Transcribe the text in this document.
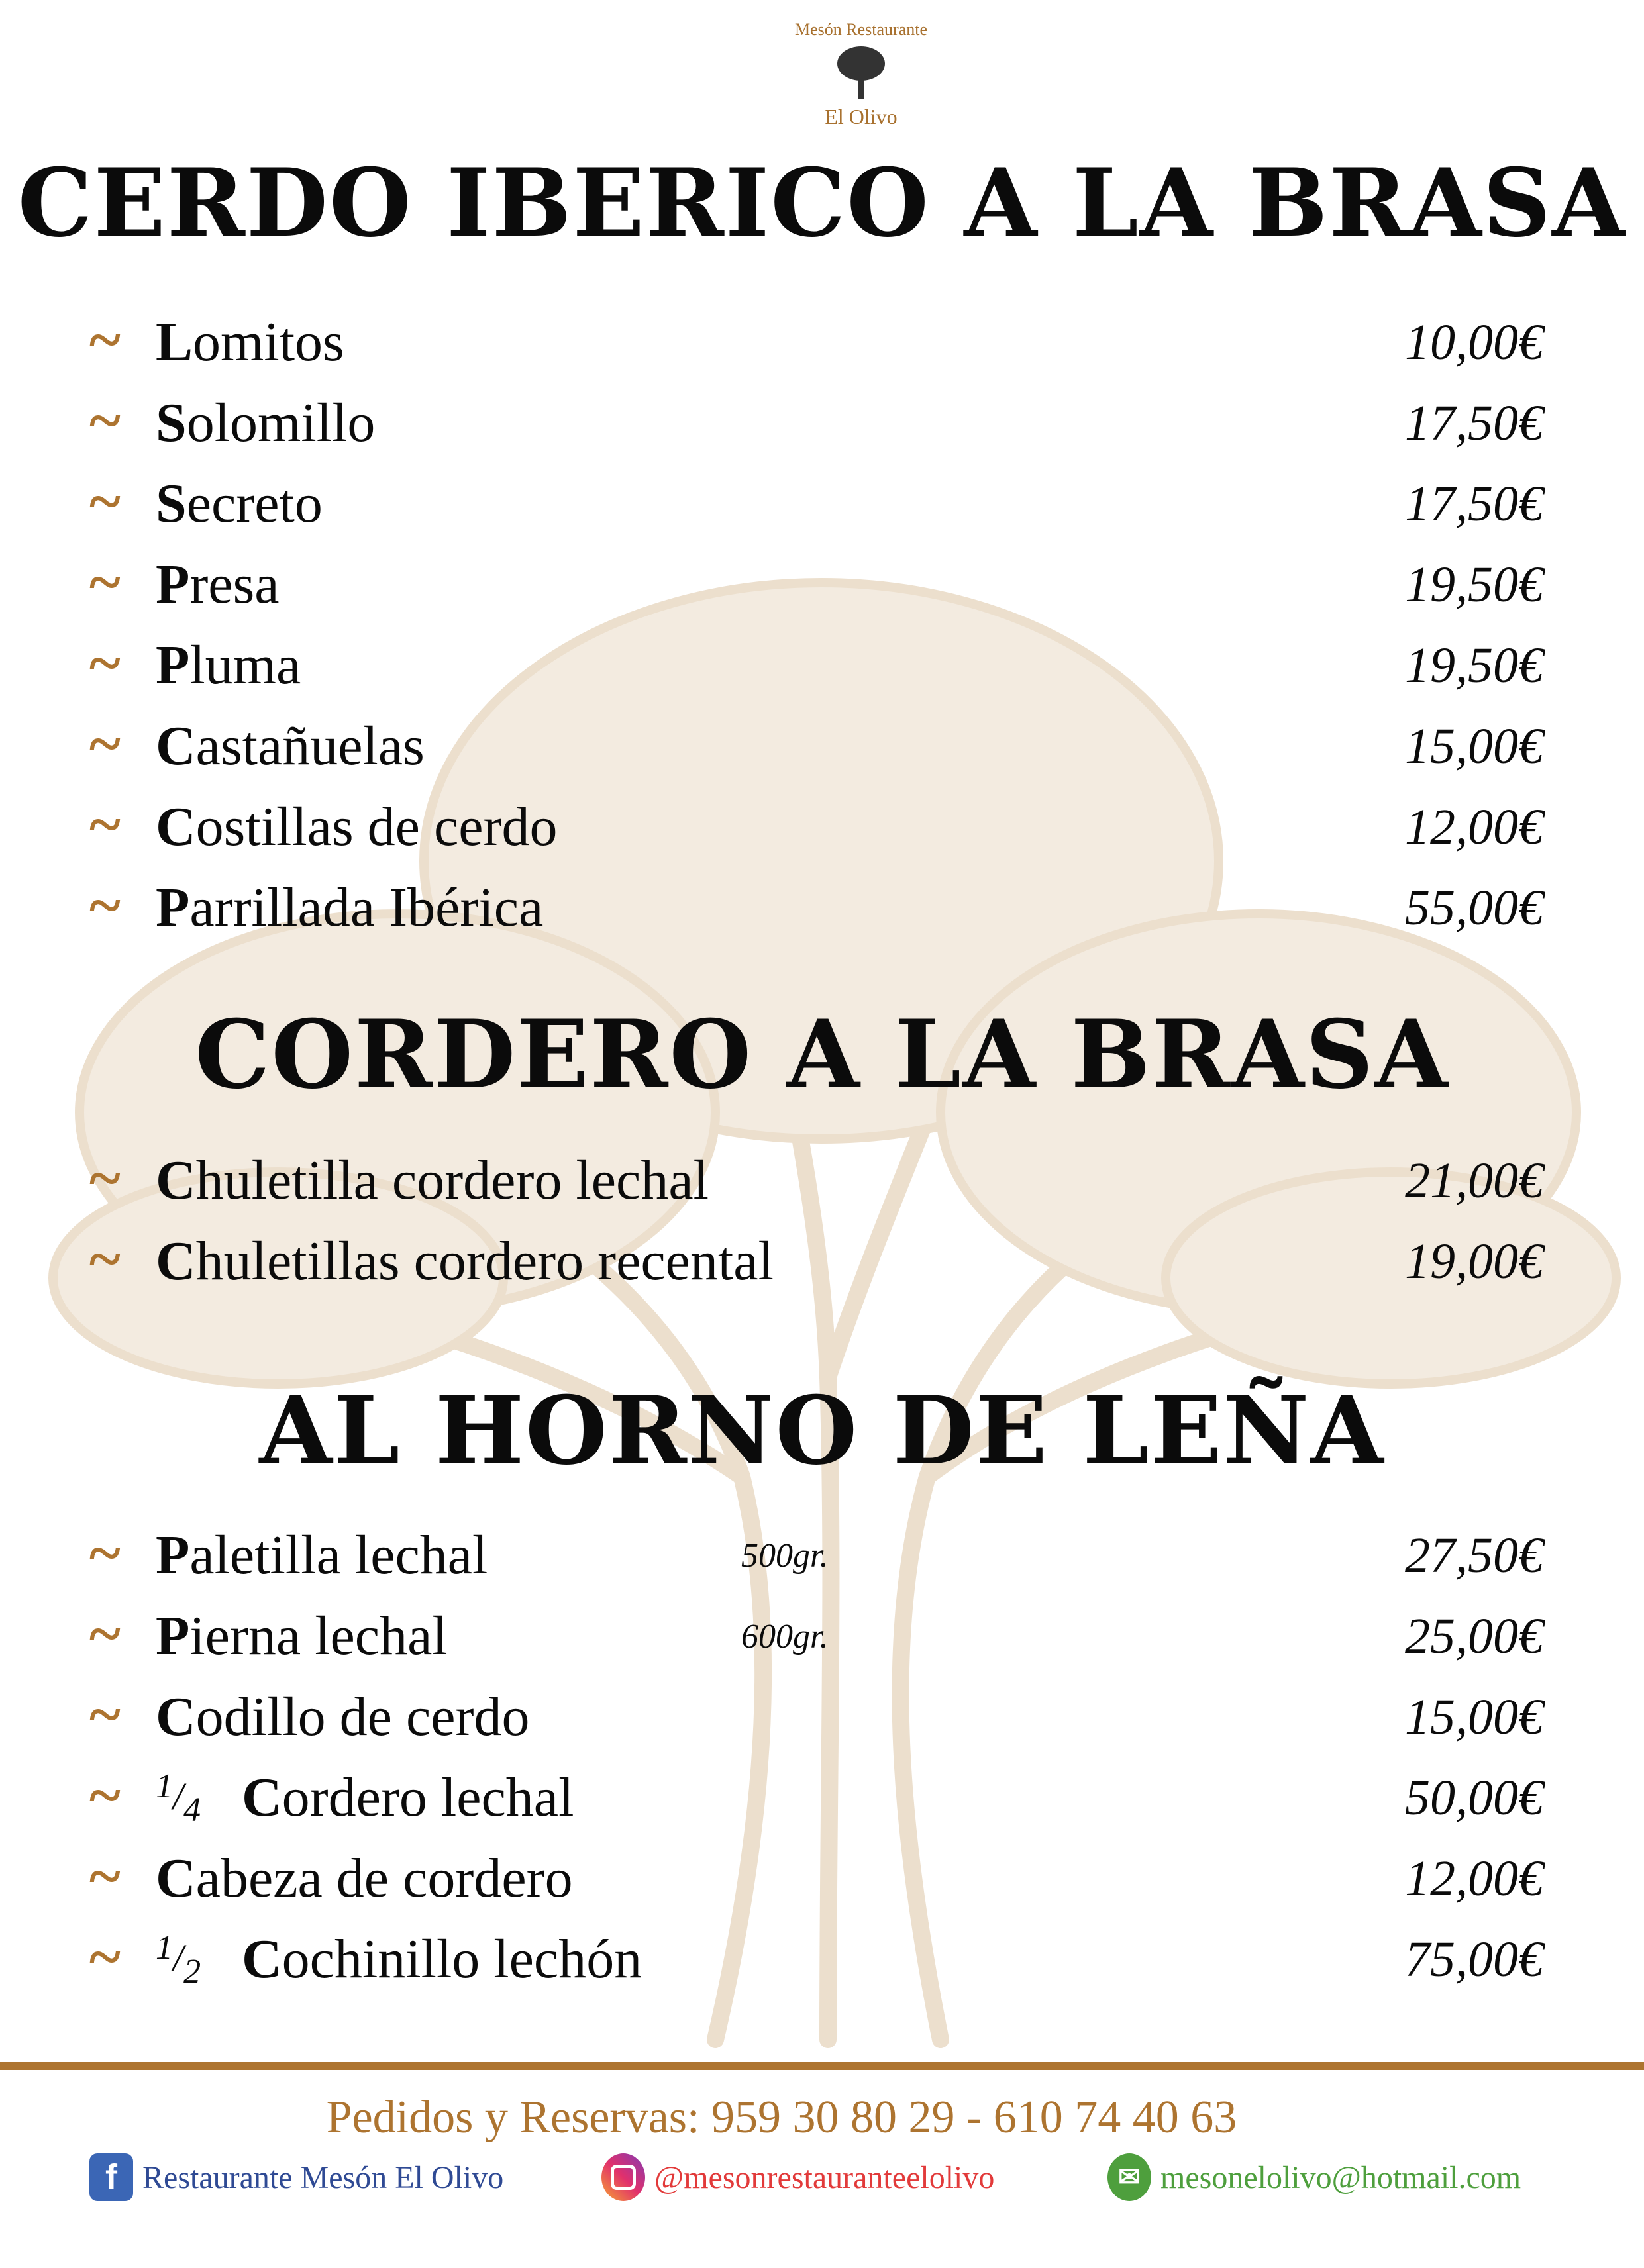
Mesón Restaurante
El Olivo
CERDO IBERICO A LA BRASA
CORDERO A LA BRASA
AL HORNO DE LEÑA
~ Lomitos	10,00€
~ Solomillo	17,50€
~ Secreto	17,50€
~ Presa	19,50€
~ Pluma	19,50€
~ Castañuelas	15,00€
~ Costillas de cerdo	12,00€
~ Parrillada Ibérica	55,00€
~ Chuletilla cordero lechal	21,00€
~ Chuletillas cordero recental	19,00€
~ Paletilla lechal	500gr.	27,50€
~ Pierna lechal	600gr.	25,00€
~ Codillo de cerdo	15,00€
~	$^1/_4$ Cordero lechal	50,00€
~ Cabeza de cordero	12,00€
~	$^1/_2$ Cochinillo lechón	75,00€
Pedidos y Reservas: 959 30 80 29 - 610 74 40 63
f Restaurante Mesón El Olivo	@mesonrestauranteelolivo	✉ mesonelolivo@hotmail.com
